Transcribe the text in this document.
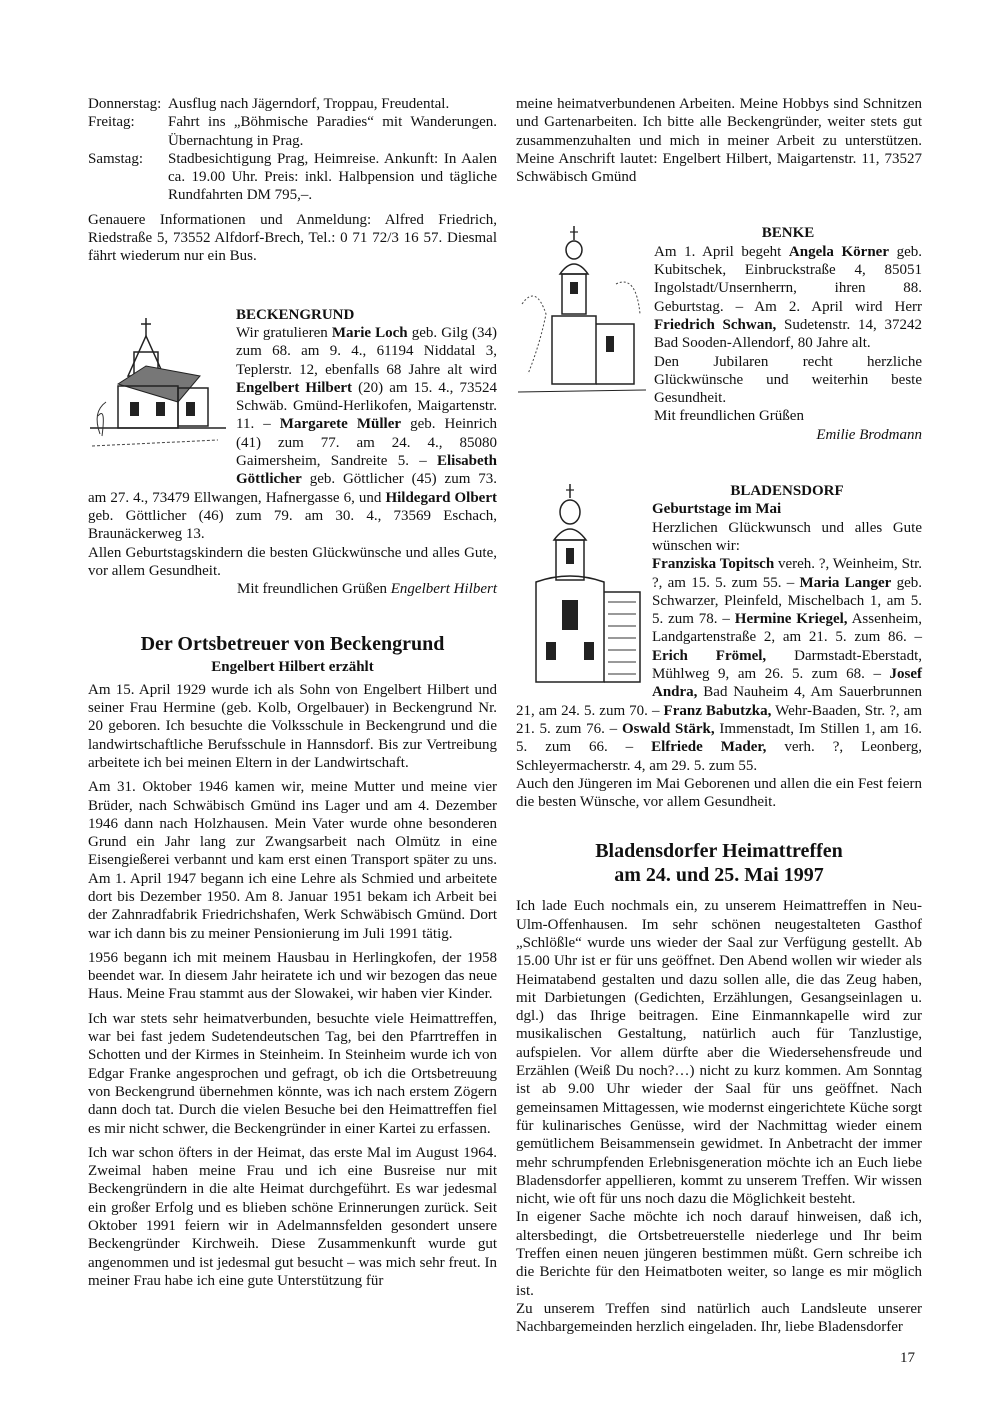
Donnerstag: Ausflug nach Jägerndorf, Troppau, Freudental.
Freitag:	Fahrt ins „Böhmische Paradies“ mit Wanderungen. Übernachtung in Prag.
Samstag:	Stadbesichtigung Prag, Heimreise. Ankunft: In Aalen ca. 19.00 Uhr. Preis: inkl. Halbpension und tägliche Rundfahrten DM 795,–.

Genauere Informationen und Anmeldung: Alfred Friedrich, Riedstraße 5, 73552 Alfdorf-Brech, Tel.: 0 71 72/3 16 57. Diesmal fährt wiederum nur ein Bus.

BECKENGRUND

Wir gratulieren Marie Loch geb. Gilg (34) zum 68. am 9. 4., 61194 Niddatal 3, Teplerstr. 12, ebenfalls 68 Jahre alt wird Engelbert Hilbert (20) am 15. 4., 73524 Schwäb. Gmünd-Herlikofen, Maigartenstr. 11. – Margarete Müller geb. Heinrich (41) zum 77. am 24. 4., 85080 Gaimersheim, Sandreite 5. – Elisabeth Göttlicher geb. Göttlicher (45) zum 73. am 27. 4., 73479 Ellwangen, Hafnergasse 6, und Hildegard Olbert geb. Göttlicher (46) zum 79. am 30. 4., 73569 Eschach, Braunäckerweg 13.

Allen Geburtstagskindern die besten Glückwünsche und alles Gute, vor allem Gesundheit.

Mit freundlichen Grüßen Engelbert Hilbert

Der Ortsbetreuer von Beckengrund

Engelbert Hilbert erzählt

Am 15. April 1929 wurde ich als Sohn von Engelbert Hilbert und seiner Frau Hermine (geb. Kolb, Orgelbauer) in Beckengrund Nr. 20 geboren. Ich besuchte die Volksschule in Beckengrund und die landwirtschaftliche Berufsschule in Hannsdorf. Bis zur Vertreibung arbeitete ich bei meinen Eltern in der Landwirtschaft.

Am 31. Oktober 1946 kamen wir, meine Mutter und meine vier Brüder, nach Schwäbisch Gmünd ins Lager und am 4. Dezember 1946 dann nach Holzhausen. Mein Vater wurde ohne besonderen Grund ein Jahr lang zur Zwangsarbeit nach Olmütz in eine Eisengießerei verbannt und kam erst einen Transport später zu uns. Am 1. April 1947 begann ich eine Lehre als Schmied und arbeitete dort bis Dezember 1950. Am 8. Januar 1951 bekam ich Arbeit bei der Zahnradfabrik Friedrichshafen, Werk Schwäbisch Gmünd. Dort war ich dann bis zu meiner Pensionierung im Juli 1991 tätig.

1956 begann ich mit meinem Hausbau in Herlingkofen, der 1958 beendet war. In diesem Jahr heiratete ich und wir bezogen das neue Haus. Meine Frau stammt aus der Slowakei, wir haben vier Kinder.

Ich war stets sehr heimatverbunden, besuchte viele Heimattreffen, war bei fast jedem Sudetendeutschen Tag, bei den Pfarrtreffen in Schotten und der Kirmes in Steinheim. In Steinheim wurde ich von Edgar Franke angesprochen und gefragt, ob ich die Ortsbetreuung von Beckengrund übernehmen könnte, was ich nach erstem Zögern dann doch tat. Durch die vielen Besuche bei den Heimattreffen fiel es mir nicht schwer, die Beckengründer in einer Kartei zu erfassen.

Ich war schon öfters in der Heimat, das erste Mal im August 1964. Zweimal haben meine Frau und ich eine Busreise nur mit Beckengründern in die alte Heimat durchgeführt. Es war jedesmal ein großer Erfolg und es blieben schöne Erinnerungen zurück. Seit Oktober 1991 feiern wir in Adelmannsfelden gesondert unsere Beckengründer Kirchweih. Diese Zusammenkunft wurde gut angenommen und ist jedesmal gut besucht – was mich sehr freut. In meiner Frau habe ich eine gute Unterstützung für

meine heimatverbundenen Arbeiten. Meine Hobbys sind Schnitzen und Gartenarbeiten. Ich bitte alle Beckengründer, weiter stets gut zusammenzuhalten und mich in meiner Arbeit zu unterstützen. Meine Anschrift lautet: Engelbert Hilbert, Maigartenstr. 11, 73527 Schwäbisch Gmünd

BENKE

Am 1. April begeht Angela Körner geb. Kubitschek, Einbruckstraße 4, 85051 Ingolstadt/Unsernherrn, ihren 88. Geburtstag. – Am 2. April wird Herr Friedrich Schwan, Sudetenstr. 14, 37242 Bad Sooden-Allendorf, 80 Jahre alt.

Den Jubilaren recht herzliche Glückwünsche und weiterhin beste Gesundheit.

Mit freundlichen Grüßen

Emilie Brodmann

BLADENSDORF

Geburtstage im Mai

Herzlichen Glückwunsch und alles Gute wünschen wir:

Franziska Topitsch vereh. ?, Weinheim, Str. ?, am 15. 5. zum 55. – Maria Langer geb. Schwarzer, Pleinfeld, Mischelbach 1, am 5. 5. zum 78. – Hermine Kriegel, Assenheim, Landgartenstraße 2, am 21. 5. zum 86. – Erich Frömel, Darmstadt-Eberstadt, Mühlweg 9, am 26. 5. zum 68. – Josef Andra, Bad Nauheim 4, Am Sauerbrunnen 21, am 24. 5. zum 70. – Franz Babutzka, Wehr-Baaden, Str. ?, am 21. 5. zum 76. – Oswald Stärk, Immenstadt, Im Stillen 1, am 16. 5. zum 66. – Elfriede Mader, verh. ?, Leonberg, Schleyermacherstr. 4, am 29. 5. zum 55.

Auch den Jüngeren im Mai Geborenen und allen die ein Fest feiern die besten Wünsche, vor allem Gesundheit.

Bladensdorfer Heimattreffen

am 24. und 25. Mai 1997

Ich lade Euch nochmals ein, zu unserem Heimattreffen in Neu-Ulm-Offenhausen. Im sehr schönen neugestalteten Gasthof „Schlößle“ wurde uns wieder der Saal zur Verfügung gestellt. Ab 15.00 Uhr ist er für uns geöffnet. Den Abend wollen wir wieder als Heimatabend gestalten und dazu sollen alle, die das Zeug haben, mit Darbietungen (Gedichten, Erzählungen, Gesangseinlagen u. dgl.) das Ihrige beitragen. Eine Einmannkapelle wird zur musikalischen Gestaltung, natürlich auch für Tanzlustige, aufspielen. Vor allem dürfte aber die Wiedersehensfreude und Erzählen (Weiß Du noch?…) nicht zu kurz kommen. Am Sonntag ist ab 9.00 Uhr wieder der Saal für uns geöffnet. Nach gemeinsamen Mittagessen, wie modernst eingerichtete Küche sorgt für kulinarisches Genüsse, wird der Nachmittag wieder einem gemütlichem Beisammensein gewidmet. In Anbetracht der immer mehr schrumpfenden Erlebnisgeneration möchte ich an Euch liebe Bladensdorfer appellieren, kommt zu unserem Treffen. Wir wissen nicht, wie oft für uns noch dazu die Möglichkeit besteht.

In eigener Sache möchte ich noch darauf hinweisen, daß ich, altersbedingt, die Ortsbetreuerstelle niederlege und Ihr beim Treffen einen neuen jüngeren bestimmen müßt. Gern schreibe ich die Berichte für den Heimatboten weiter, so lange es mir möglich ist.

Zu unserem Treffen sind natürlich auch Landsleute unserer Nachbargemeinden herzlich eingeladen. Ihr, liebe Bladensdorfer

17
